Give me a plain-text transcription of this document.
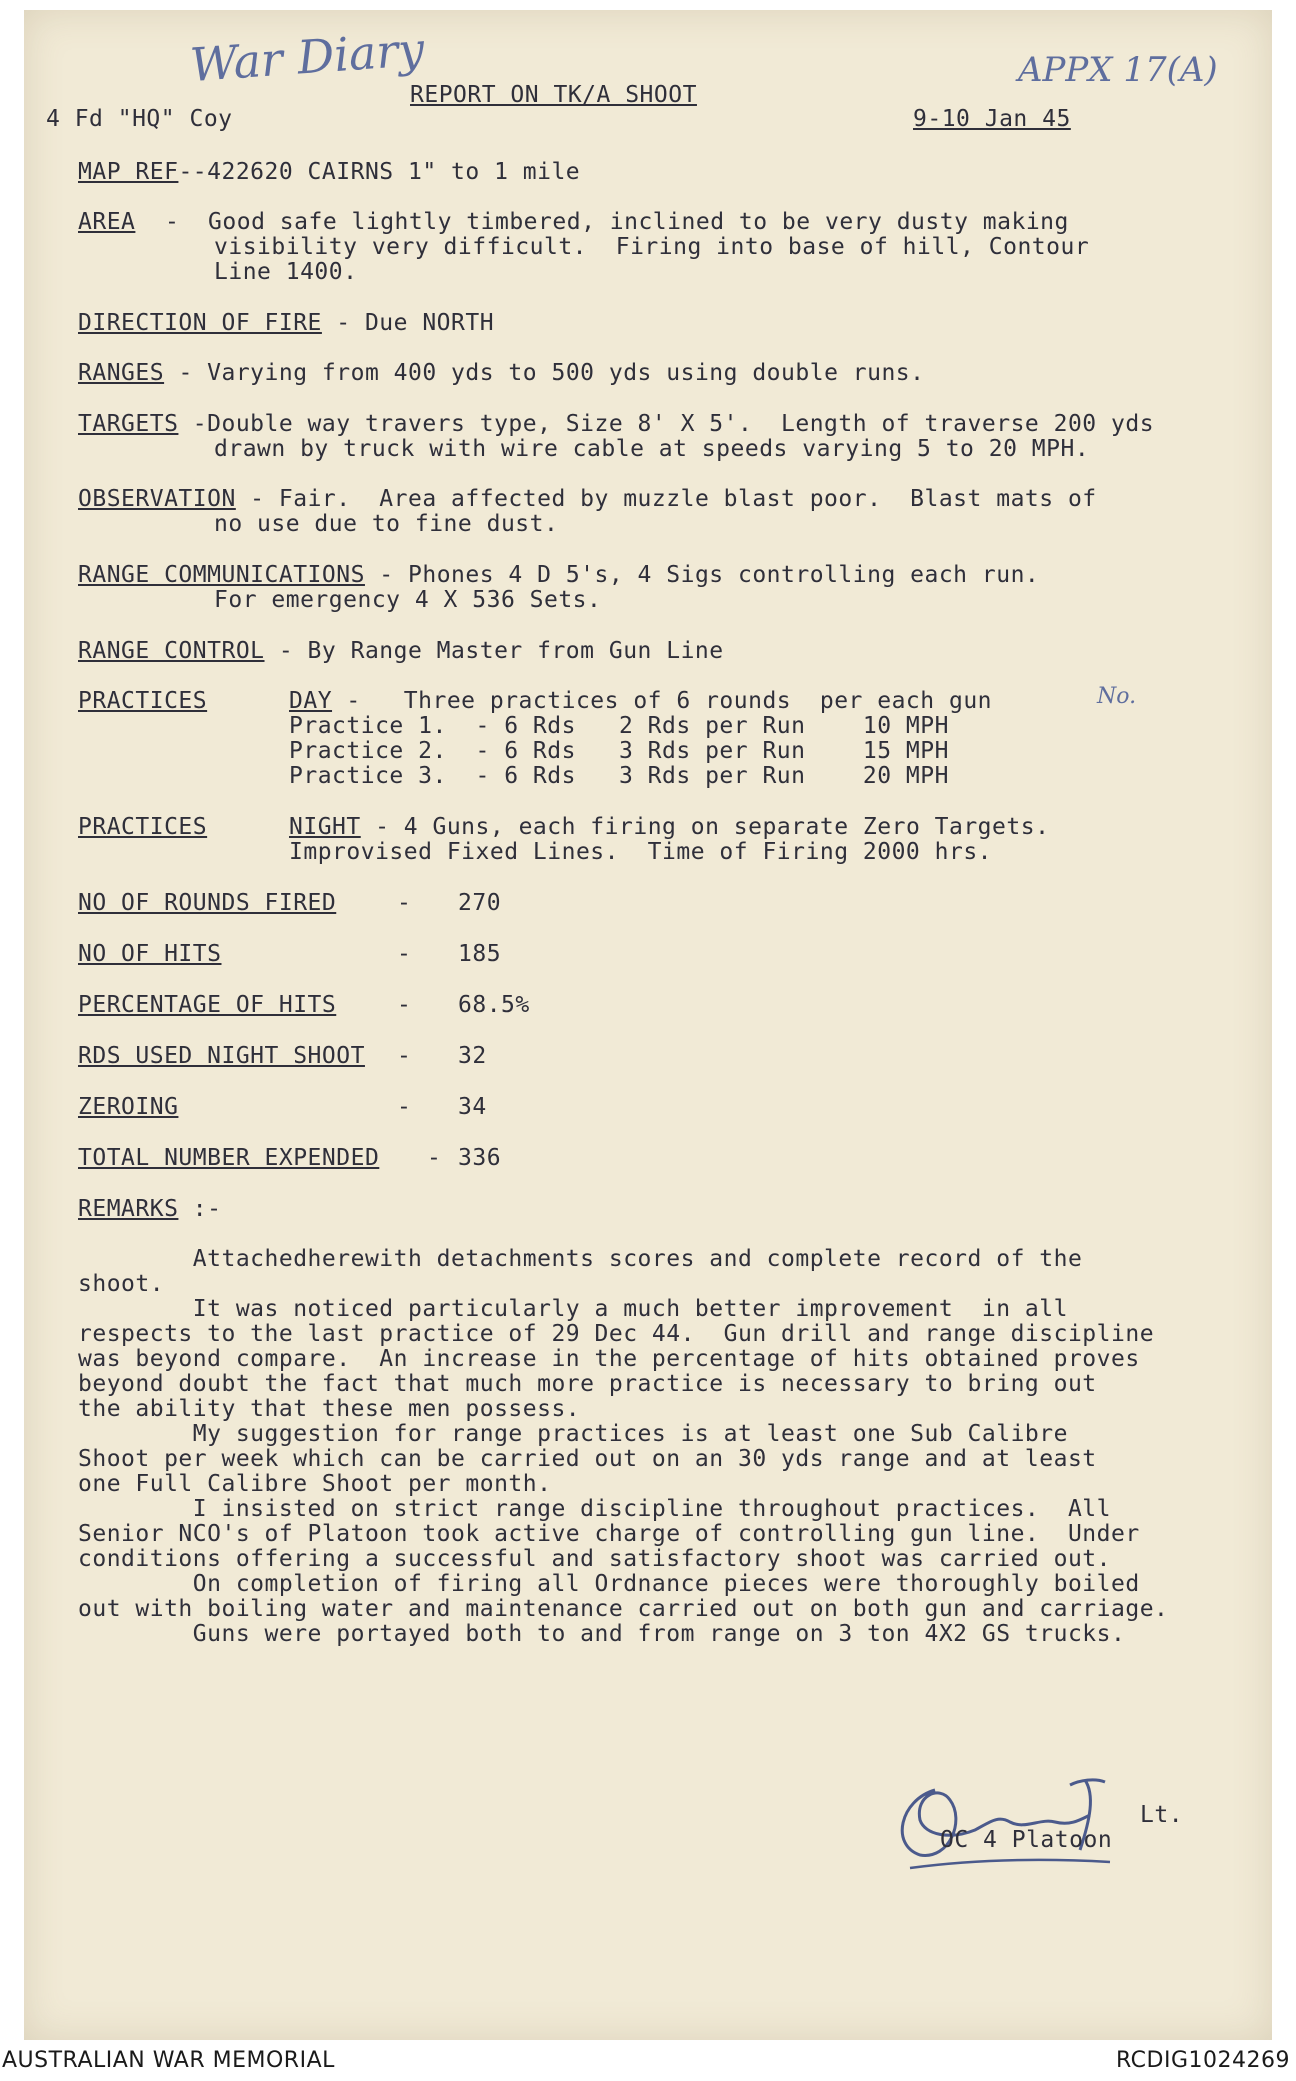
War Diary	APPX 17(A)
No.
4 Fd "HQ" Coy
REPORT ON TK/A SHOOT
9-10 Jan 45
MAP REF--422620 CAIRNS 1" to 1 mile
AREA -  Good safe lightly timbered, inclined to be very dusty making
visibility very difficult.  Firing into base of hill, Contour
Line 1400.
DIRECTION OF FIRE - Due NORTH
RANGES - Varying from 400 yds to 500 yds using double runs.
TARGETS -Double way travers type, Size 8' X 5'.  Length of traverse 200 yds
drawn by truck with wire cable at speeds varying 5 to 20 MPH.
OBSERVATION - Fair.  Area affected by muzzle blast poor.  Blast mats of
no use due to fine dust.
RANGE COMMUNICATIONS - Phones 4 D 5's, 4 Sigs controlling each run.
For emergency 4 X 536 Sets.
RANGE CONTROL - By Range Master from Gun Line
PRACTICES	DAY -   Three practices of 6 rounds  per each gun
Practice 1.  - 6 Rds   2 Rds per Run    10 MPH
Practice 2.  - 6 Rds   3 Rds per Run    15 MPH
Practice 3.  - 6 Rds   3 Rds per Run    20 MPH
PRACTICES	NIGHT - 4 Guns, each firing on separate Zero Targets.
Improvised Fixed Lines.  Time of Firing 2000 hrs.
NO OF ROUNDS FIRED	- 270
NO OF HITS	- 185
PERCENTAGE OF HITS	- 68.5%
RDS USED NIGHT SHOOT - 32
ZEROING	- 34
TOTAL NUMBER EXPENDED - 336
REMARKS :-
Attachedherewith detachments scores and complete record of the
shoot.
It was noticed particularly a much better improvement  in all
respects to the last practice of 29 Dec 44.  Gun drill and range discipline
was beyond compare.  An increase in the percentage of hits obtained proves
beyond doubt the fact that much more practice is necessary to bring out
the ability that these men possess.
My suggestion for range practices is at least one Sub Calibre
Shoot per week which can be carried out on an 30 yds range and at least
one Full Calibre Shoot per month.
I insisted on strict range discipline throughout practices.  All
Senior NCO's of Platoon took active charge of controlling gun line.  Under
conditions offering a successful and satisfactory shoot was carried out.
On completion of firing all Ordnance pieces were thoroughly boiled
out with boiling water and maintenance carried out on both gun and carriage.
Guns were portayed both to and from range on 3 ton 4X2 GS trucks.
Lt.
OC 4 Platoon
AUSTRALIAN WAR MEMORIAL	RCDIG1024269
